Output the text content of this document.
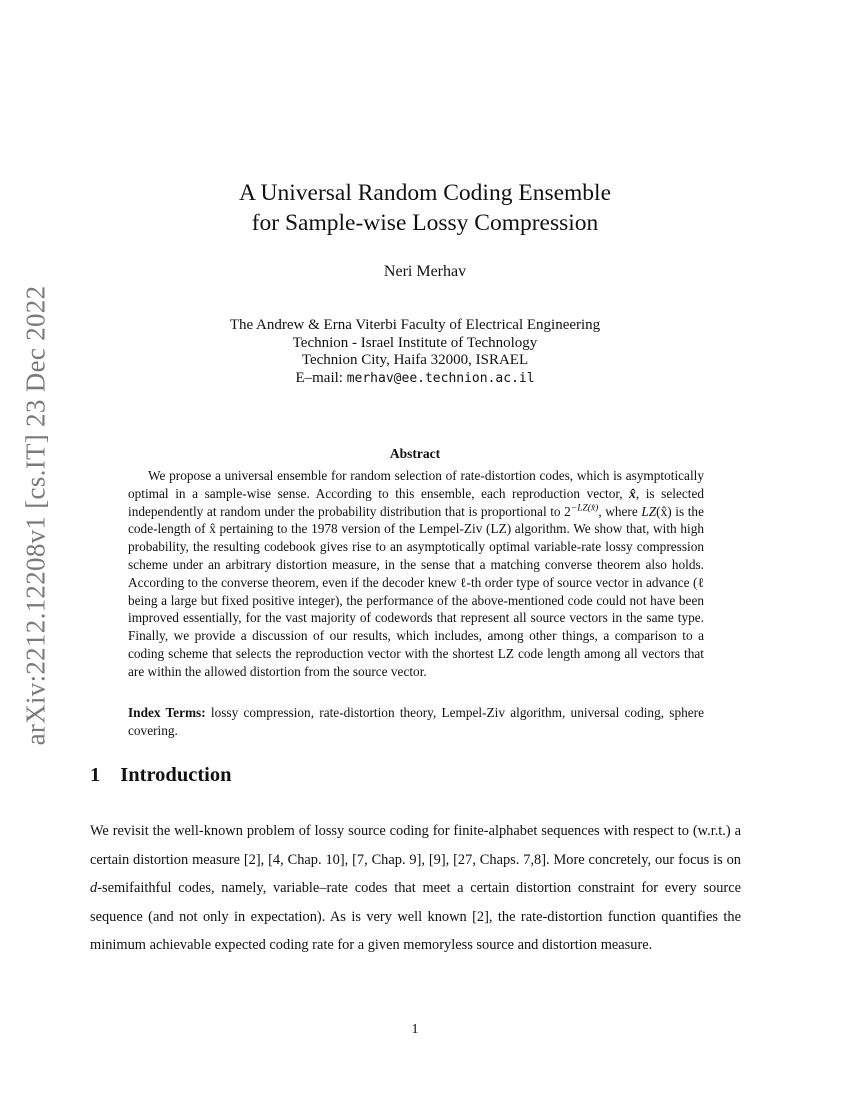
arXiv:2212.12208v1 [cs.IT] 23 Dec 2022
A Universal Random Coding Ensemble
for Sample-wise Lossy Compression
Neri Merhav
The Andrew & Erna Viterbi Faculty of Electrical Engineering
Technion - Israel Institute of Technology
Technion City, Haifa 32000, ISRAEL
E–mail: merhav@ee.technion.ac.il
Abstract

We propose a universal ensemble for random selection of rate-distortion codes, which is asymptotically optimal in a sample-wise sense. According to this ensemble, each reproduction vector, x̂, is selected independently at random under the probability distribution that is proportional to $2^{-LZ(x̂)}$, where LZ(x̂) is the code-length of x̂ pertaining to the 1978 version of the Lempel-Ziv (LZ) algorithm. We show that, with high probability, the resulting codebook gives rise to an asymptotically optimal variable-rate lossy compression scheme under an arbitrary distortion measure, in the sense that a matching converse theorem also holds. According to the converse theorem, even if the decoder knew ℓ-th order type of source vector in advance (ℓ being a large but fixed positive integer), the performance of the above-mentioned code could not have been improved essentially, for the vast majority of codewords that represent all source vectors in the same type. Finally, we provide a discussion of our results, which includes, among other things, a comparison to a coding scheme that selects the reproduction vector with the shortest LZ code length among all vectors that are within the allowed distortion from the source vector.

Index Terms: lossy compression, rate-distortion theory, Lempel-Ziv algorithm, universal coding, sphere covering.

1 Introduction

We revisit the well-known problem of lossy source coding for finite-alphabet sequences with respect to (w.r.t.) a certain distortion measure [2], [4, Chap. 10], [7, Chap. 9], [9], [27, Chaps. 7,8]. More concretely, our focus is on d-semifaithful codes, namely, variable–rate codes that meet a certain distortion constraint for every source sequence (and not only in expectation). As is very well known [2], the rate-distortion function quantifies the minimum achievable expected coding rate for a given memoryless source and distortion measure.

1
